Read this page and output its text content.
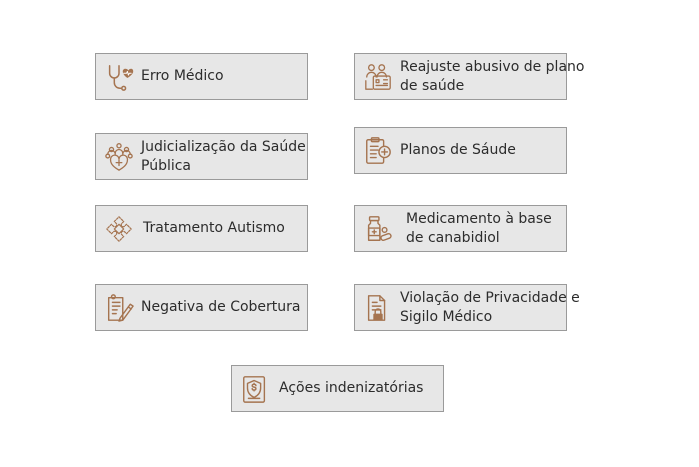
Erro Médico
Reajuste abusivo de plano
de saúde
Judicialização da Saúde
Pública
Planos de Sáude
Tratamento Autismo
Medicamento à base
de canabidiol
Negativa de Cobertura
Violação de Privacidade e
Sigilo Médico
Ações indenizatórias
